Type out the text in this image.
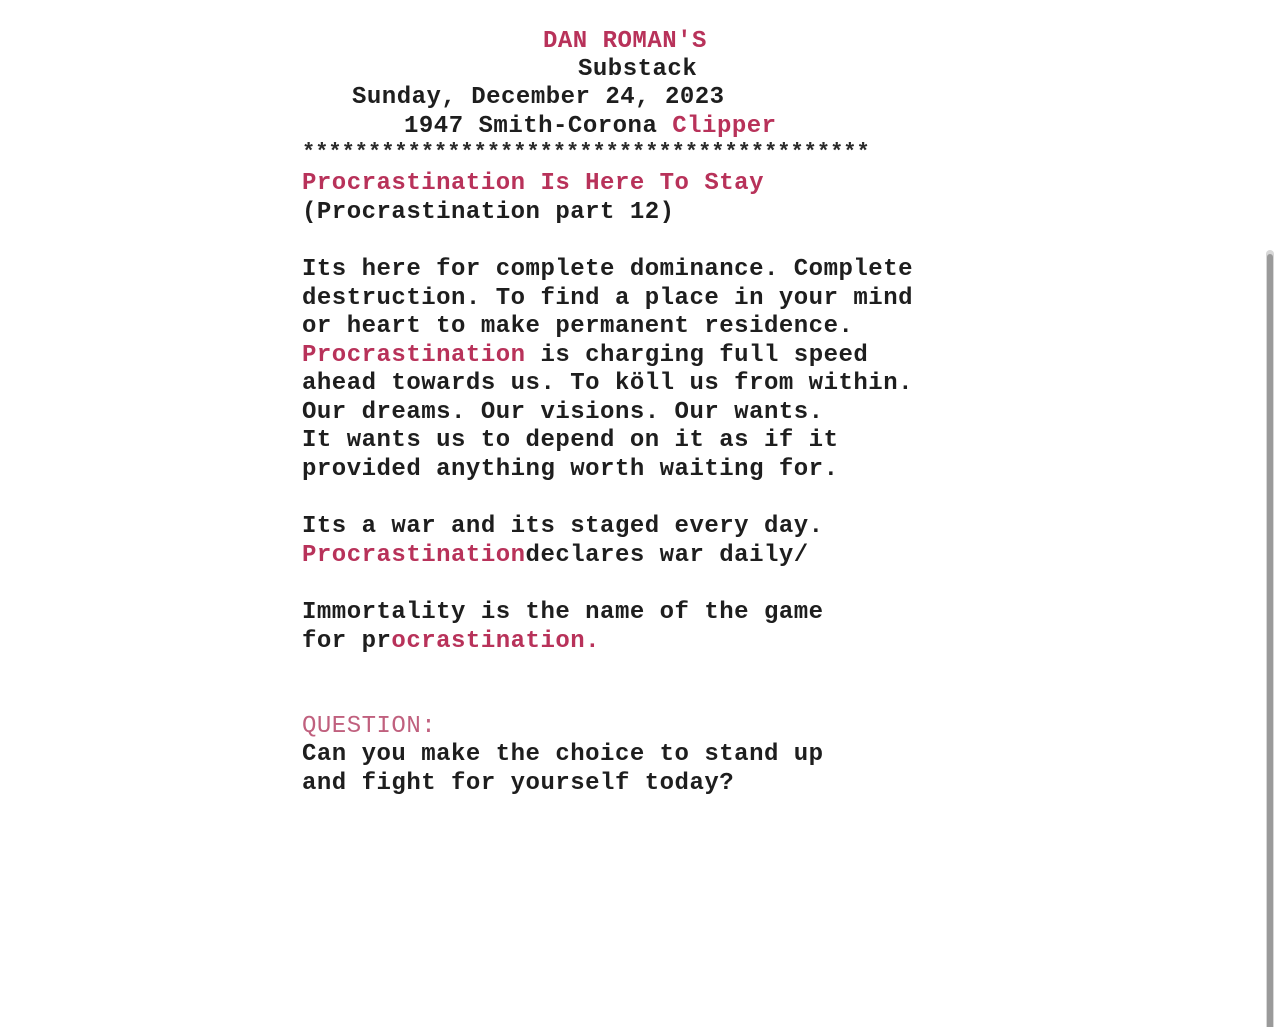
DAN ROMAN'S
Substack
Sunday, December 24, 2023
1947 Smith-Corona Clipper
*******************************************
Procrastination Is Here To Stay
(Procrastination part 12)
Its here for complete dominance. Complete
destruction. To find a place in your mind
or heart to make permanent residence.
Procrastination is charging full speed
ahead towards us. To köll us from within.
Our dreams. Our visions. Our wants.
It wants us to depend on it as if it
provided anything worth waiting for.
Its a war and its staged every day.
Procrastinationdeclares war daily/
Immortality is the name of the game
for procrastination.
QUESTION:
Can you make the choice to stand up
and fight for yourself today?
